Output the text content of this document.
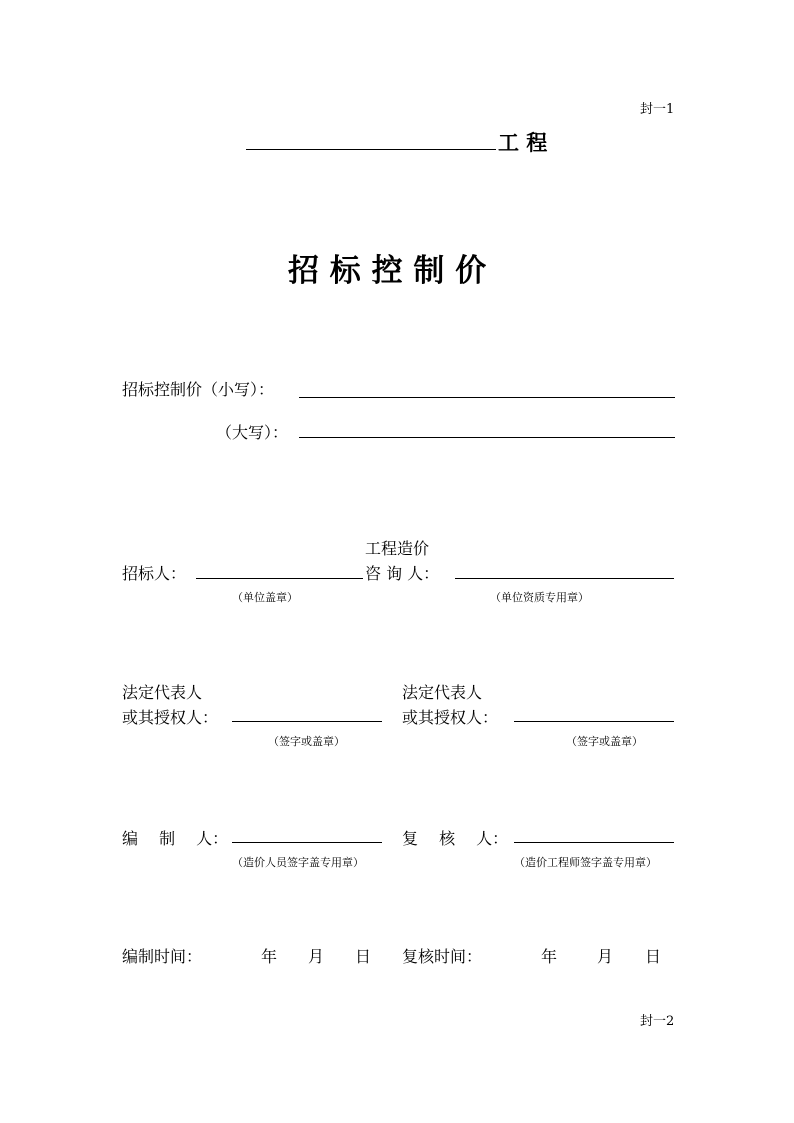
封一1
工 程
招 标 控 制 价
招标控制价（小写）：
（大写）：
招标人：
（单位盖章）
工程造价
咨 询 人：
（单位资质专用章）
法定代表人
或其授权人：
（签字或盖章）
法定代表人
或其授权人：
（签字或盖章）
编　 制　 人：
（造价人员签字盖专用章）
复　 核　 人：
（造价工程师签字盖专用章）
编制时间：	年 月 日 复核时间：	年 月 日
封一2
